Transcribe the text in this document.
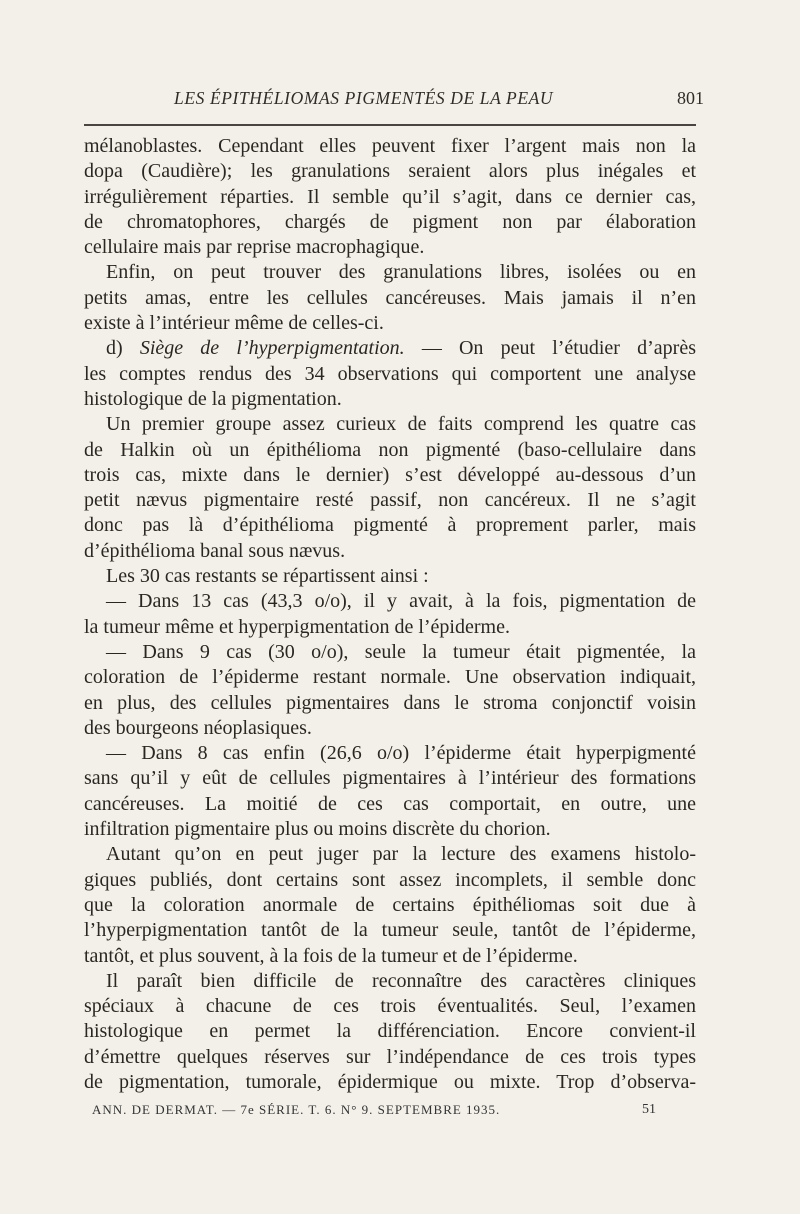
LES ÉPITHÉLIOMAS PIGMENTÉS DE LA PEAU	801
mélanoblastes. Cependant elles peuvent fixer l’argent mais non la
dopa (Caudière); les granulations seraient alors plus inégales et
irrégulièrement réparties. Il semble qu’il s’agit, dans ce dernier cas,
de chromatophores, chargés de pigment non par élaboration
cellulaire mais par reprise macrophagique.
Enfin, on peut trouver des granulations libres, isolées ou en
petits amas, entre les cellules cancéreuses. Mais jamais il n’en
existe à l’intérieur même de celles-ci.
d) Siège de l’hyperpigmentation. — On peut l’étudier d’après
les comptes rendus des 34 observations qui comportent une analyse
histologique de la pigmentation.
Un premier groupe assez curieux de faits comprend les quatre cas
de Halkin où un épithélioma non pigmenté (baso-cellulaire dans
trois cas, mixte dans le dernier) s’est développé au-dessous d’un
petit nævus pigmentaire resté passif, non cancéreux. Il ne s’agit
donc pas là d’épithélioma pigmenté à proprement parler, mais
d’épithélioma banal sous nævus.
Les 30 cas restants se répartissent ainsi :
— Dans 13 cas (43,3 o/o), il y avait, à la fois, pigmentation de
la tumeur même et hyperpigmentation de l’épiderme.
— Dans 9 cas (30 o/o), seule la tumeur était pigmentée, la
coloration de l’épiderme restant normale. Une observation indiquait,
en plus, des cellules pigmentaires dans le stroma conjonctif voisin
des bourgeons néoplasiques.
— Dans 8 cas enfin (26,6 o/o) l’épiderme était hyperpigmenté
sans qu’il y eût de cellules pigmentaires à l’intérieur des formations
cancéreuses. La moitié de ces cas comportait, en outre, une
infiltration pigmentaire plus ou moins discrète du chorion.
Autant qu’on en peut juger par la lecture des examens histolo-
giques publiés, dont certains sont assez incomplets, il semble donc
que la coloration anormale de certains épithéliomas soit due à
l’hyperpigmentation tantôt de la tumeur seule, tantôt de l’épiderme,
tantôt, et plus souvent, à la fois de la tumeur et de l’épiderme.
Il paraît bien difficile de reconnaître des caractères cliniques
spéciaux à chacune de ces trois éventualités. Seul, l’examen
histologique en permet la différenciation. Encore convient-il
d’émettre quelques réserves sur l’indépendance de ces trois types
de pigmentation, tumorale, épidermique ou mixte. Trop d’observa-
ANN. DE DERMAT. — 7e SÉRIE. T. 6. N° 9. SEPTEMBRE 1935.	51
